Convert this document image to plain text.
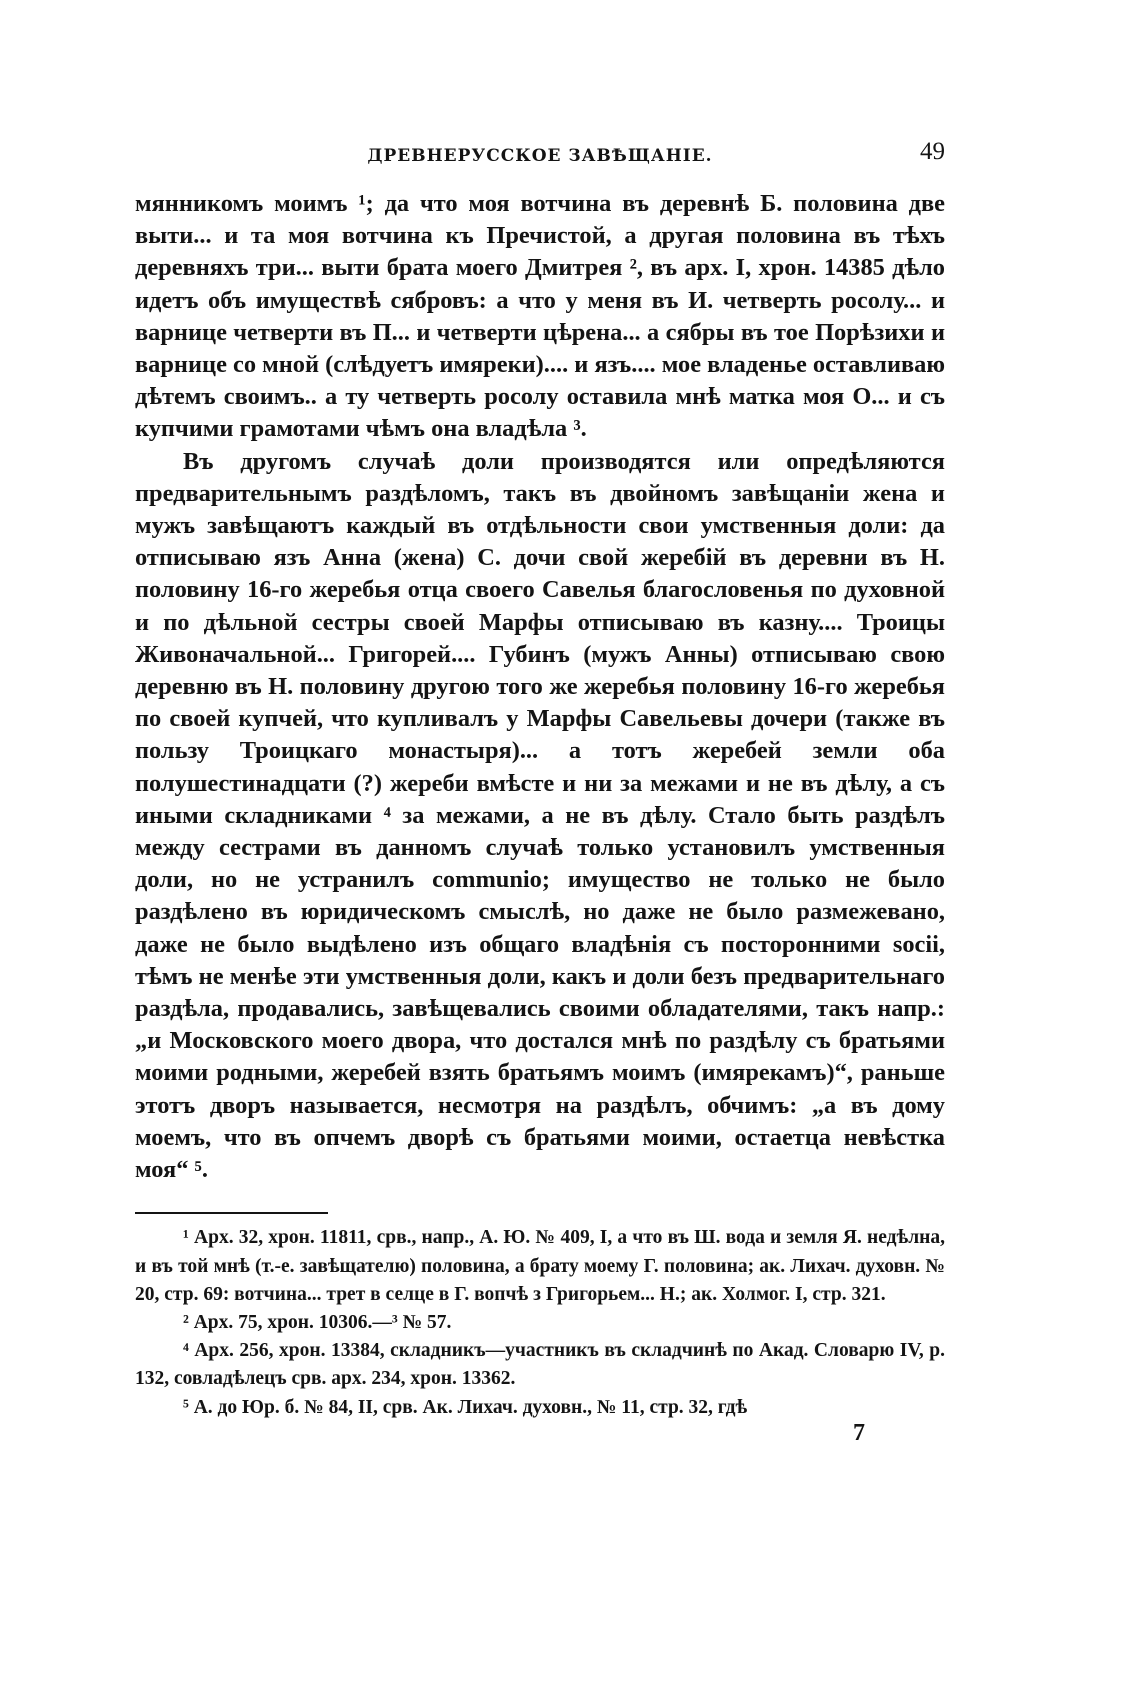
ДРЕВНЕРУССКОЕ ЗАВѢЩАНІЕ.	49

мянникомъ моимъ ¹; да что моя вотчина въ деревнѣ Б. половина две выти... и та моя вотчина къ Пречистой, а другая половина въ тѣхъ деревняхъ три... выти брата моего Дмитрея ², въ арх. I, хрон. 14385 дѣло идетъ объ имуществѣ сябровъ: а что у меня въ И. четверть росолу... и варнице четверти въ П... и четверти цѣрена... а сябры въ тое Порѣзихи и варнице со мной (слѣдуетъ имяреки).... и язъ.... мое владенье оставливаю дѣтемъ своимъ.. а ту четверть росолу оставила мнѣ матка моя О... и съ купчими грамотами чѣмъ она владѣла ³.

Въ другомъ случаѣ доли производятся или опредѣляются предварительнымъ раздѣломъ, такъ въ двойномъ завѣщаніи жена и мужъ завѣщаютъ каждый въ отдѣльности свои умственныя доли: да отписываю язъ Анна (жена) С. дочи свой жеребій въ деревни въ Н. половину 16-го жеребья отца своего Савелья благословенья по духовной и по дѣльной сестры своей Марфы отписываю въ казну.... Троицы Живоначальной... Григорей.... Губинъ (мужъ Анны) отписываю свою деревню въ Н. половину другою того же жеребья половину 16-го жеребья по своей купчей, что купливалъ у Марфы Савельевы дочери (также въ пользу Троицкаго монастыря)... а тотъ жеребей земли оба полушестинадцати (?) жереби вмѣсте и ни за межами и не въ дѣлу, а съ иными складниками ⁴ за межами, а не въ дѣлу. Стало быть раздѣлъ между сестрами въ данномъ случаѣ только установилъ умственныя доли, но не устранилъ communio; имущество не только не было раздѣлено въ юридическомъ смыслѣ, но даже не было размежевано, даже не было выдѣлено изъ общаго владѣнія съ посторонними socii, тѣмъ не менѣе эти умственныя доли, какъ и доли безъ предварительнаго раздѣла, продавались, завѣщевались своими обладателями, такъ напр.: „и Московского моего двора, что достался мнѣ по раздѣлу съ братьями моими родными, жеребей взять братьямъ моимъ (имярекамъ)“, раньше этотъ дворъ называется, несмотря на раздѣлъ, обчимъ: „а въ дому моемъ, что въ опчемъ дворѣ съ братьями моими, остаетца невѣстка моя“ ⁵.

¹ Арх. 32, хрон. 11811, срв., напр., А. Ю. № 409, I, а что въ Ш. вода и земля Я. недѣлна, и въ той мнѣ (т.-е. завѣщателю) половина, а брату моему Г. половина; ак. Лихач. духовн. № 20, стр. 69: вотчина... трет в селце в Г. вопчѣ з Григорьем... Н.; ак. Холмог. I, стр. 321.

² Арх. 75, хрон. 10306.—³ № 57.

⁴ Арх. 256, хрон. 13384, складникъ—участникъ въ складчинѣ по Акад. Словарю IV, р. 132, совладѣлецъ срв. арх. 234, хрон. 13362.

⁵ А. до Юр. б. № 84, II, срв. Ак. Лихач. духовн., № 11, стр. 32, гдѣ

7
